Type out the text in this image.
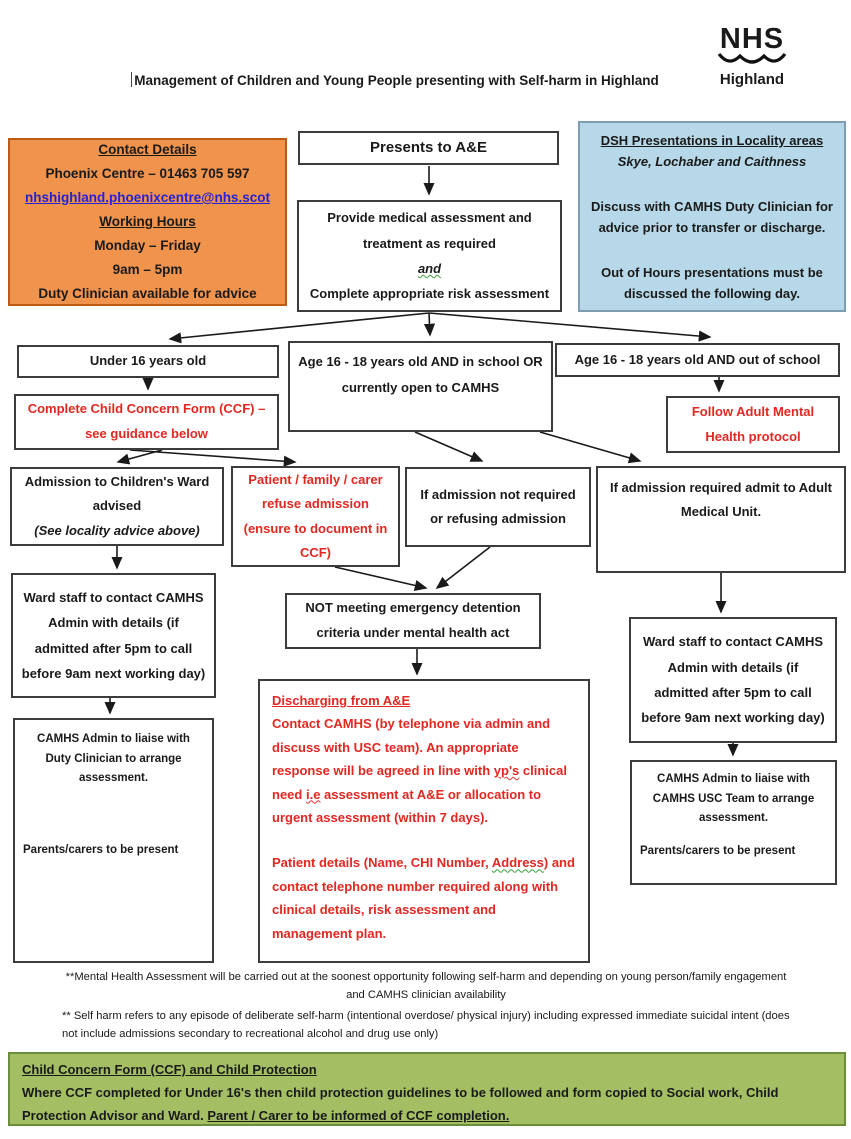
Management of Children and Young People presenting with Self-harm in Highland
NHS
Highland
Contact Details
Phoenix Centre – 01463 705 597
nhshighland.phoenixcentre@nhs.scot
Working Hours
Monday – Friday
9am – 5pm
Duty Clinician available for advice
Presents to A&E
Provide medical assessment and treatment as required
and
Complete appropriate risk assessment
DSH Presentations in Locality areas
Skye, Lochaber and Caithness
Discuss with CAMHS Duty Clinician for advice prior to transfer or discharge.
Out of Hours presentations must be discussed the following day.
Under 16 years old	Age 16 - 18 years old AND in school OR currently open to CAMHS
Age 16 - 18 years old AND out of school
Complete Child Concern Form (CCF) – see guidance below
Follow Adult Mental Health protocol
Admission to Children's Ward advised
(See locality advice above)
Patient / family / carer refuse admission (ensure to document in CCF)
If admission not required or refusing admission
If admission required admit to Adult Medical Unit.
Ward staff to contact CAMHS Admin with details (if admitted after 5pm to call before 9am next working day)
NOT meeting emergency detention criteria under mental health act
Ward staff to contact CAMHS Admin with details (if admitted after 5pm to call before 9am next working day)
CAMHS Admin to liaise with Duty Clinician to arrange assessment.
Parents/carers to be present
Discharging from A&E
Contact CAMHS (by telephone via admin and discuss with USC team). An appropriate response will be agreed in line with yp's clinical need i.e assessment at A&E or allocation to urgent assessment (within 7 days).
Patient details (Name, CHI Number, Address) and contact telephone number required along with clinical details, risk assessment and management plan.
CAMHS Admin to liaise with CAMHS USC Team to arrange assessment.
Parents/carers to be present
**Mental Health Assessment will be carried out at the soonest opportunity following self-harm and depending on young person/family engagement and CAMHS clinician availability
** Self harm refers to any episode of deliberate self-harm (intentional overdose/ physical injury) including expressed immediate suicidal intent (does not include admissions secondary to recreational alcohol and drug use only)
Child Concern Form (CCF) and Child Protection
Where CCF completed for Under 16's then child protection guidelines to be followed and form copied to Social work, Child Protection Advisor and Ward. Parent / Carer to be informed of CCF completion.
